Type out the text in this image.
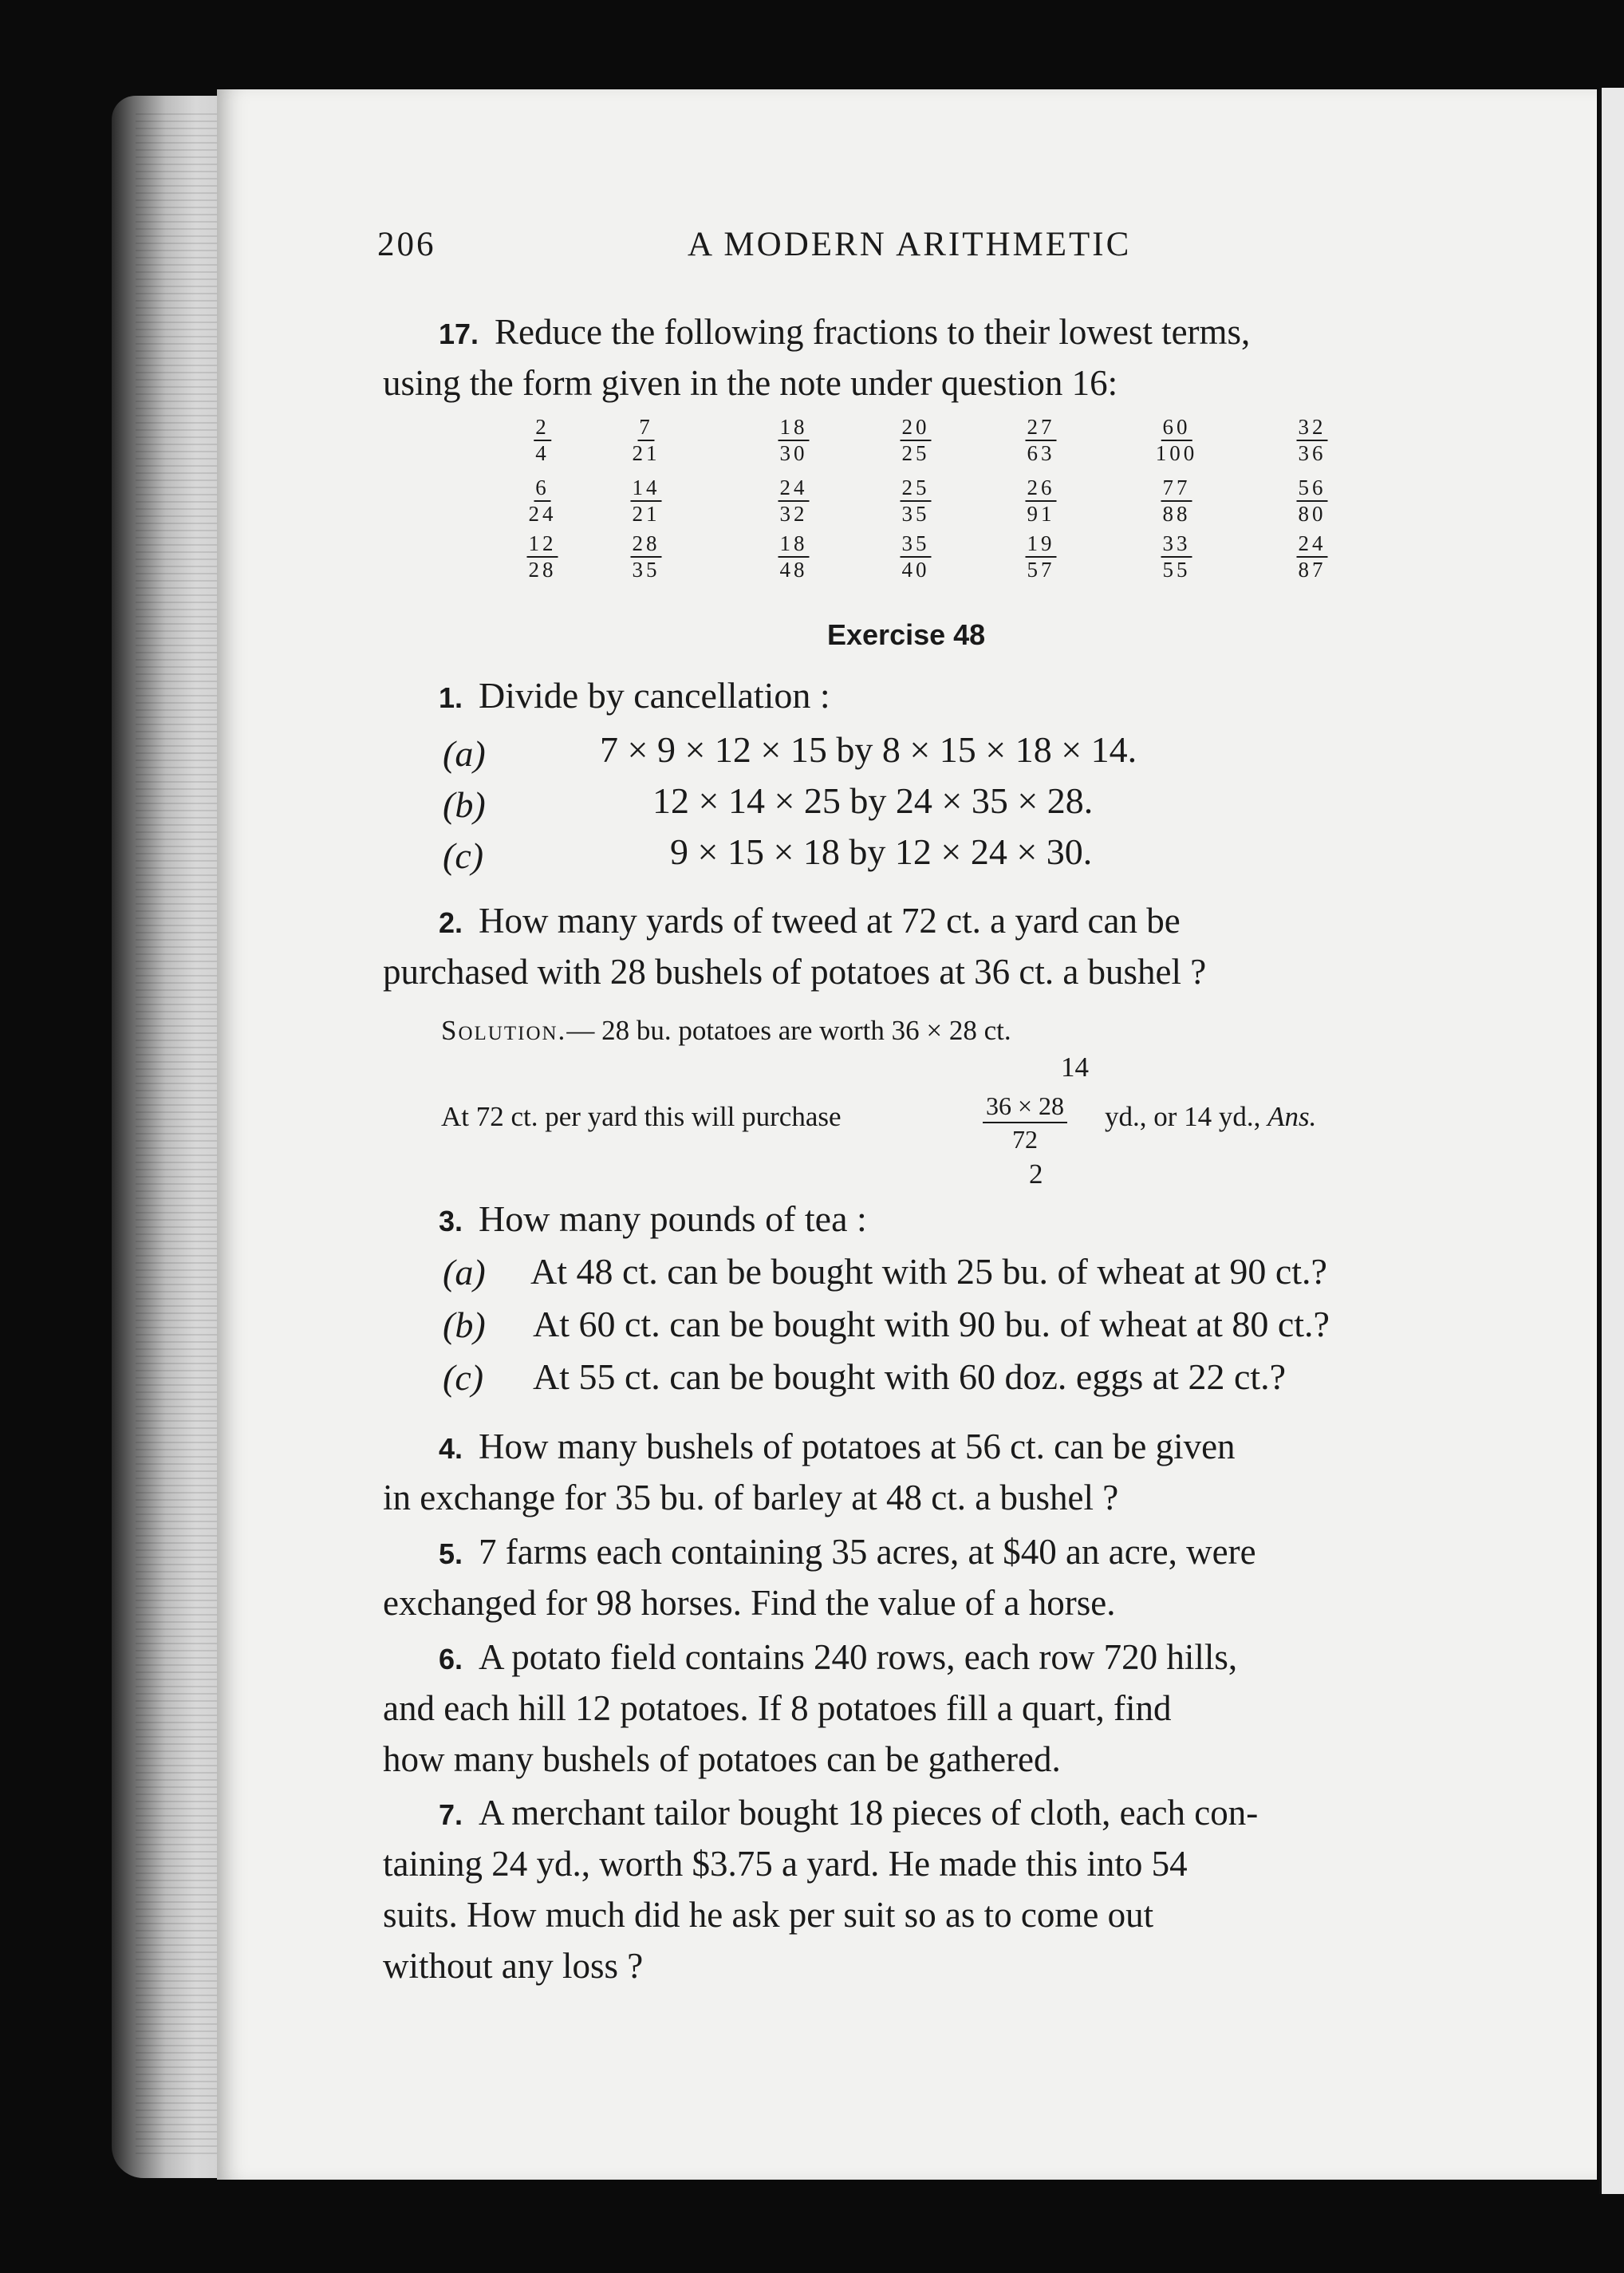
206	A MODERN ARITHMETIC
17. Reduce the following fractions to their lowest terms,
using the form given in the note under question 16:
$\frac{2}{4}$	$\frac{7}{21}$	$\frac{18}{30}$	$\frac{20}{25}$	$\frac{27}{63}$	$\frac{60}{100}$	$\frac{32}{36}$
$\frac{6}{24}$	$\frac{14}{21}$	$\frac{24}{32}$	$\frac{25}{35}$	$\frac{26}{91}$	$\frac{77}{88}$	$\frac{56}{80}$
$\frac{12}{28}$	$\frac{28}{35}$	$\frac{18}{48}$	$\frac{35}{40}$	$\frac{19}{57}$	$\frac{33}{55}$	$\frac{24}{87}$
Exercise 48
1. Divide by cancellation :
(a)	7 × 9 × 12 × 15 by 8 × 15 × 18 × 14.
(b)	12 × 14 × 25 by 24 × 35 × 28.
(c)	9 × 15 × 18 by 12 × 24 × 30.
2. How many yards of tweed at 72 ct. a yard can be
purchased with 28 bushels of potatoes at 36 ct. a bushel ?
Solution.— 28 bu. potatoes are worth 36 × 28 ct.
At 72 ct. per yard this will purchase
14
$\frac{36 \times 28}{72}$
2
yd., or 14 yd., Ans.
3. How many pounds of tea :
(a) At 48 ct. can be bought with 25 bu. of wheat at 90 ct.?
(b) At 60 ct. can be bought with 90 bu. of wheat at 80 ct.?
(c) At 55 ct. can be bought with 60 doz. eggs at 22 ct.?
4. How many bushels of potatoes at 56 ct. can be given
in exchange for 35 bu. of barley at 48 ct. a bushel ?
5. 7 farms each containing 35 acres, at $40 an acre, were
exchanged for 98 horses. Find the value of a horse.
6. A potato field contains 240 rows, each row 720 hills,
and each hill 12 potatoes. If 8 potatoes fill a quart, find
how many bushels of potatoes can be gathered.
7. A merchant tailor bought 18 pieces of cloth, each con-
taining 24 yd., worth $3.75 a yard. He made this into 54
suits. How much did he ask per suit so as to come out
without any loss ?
